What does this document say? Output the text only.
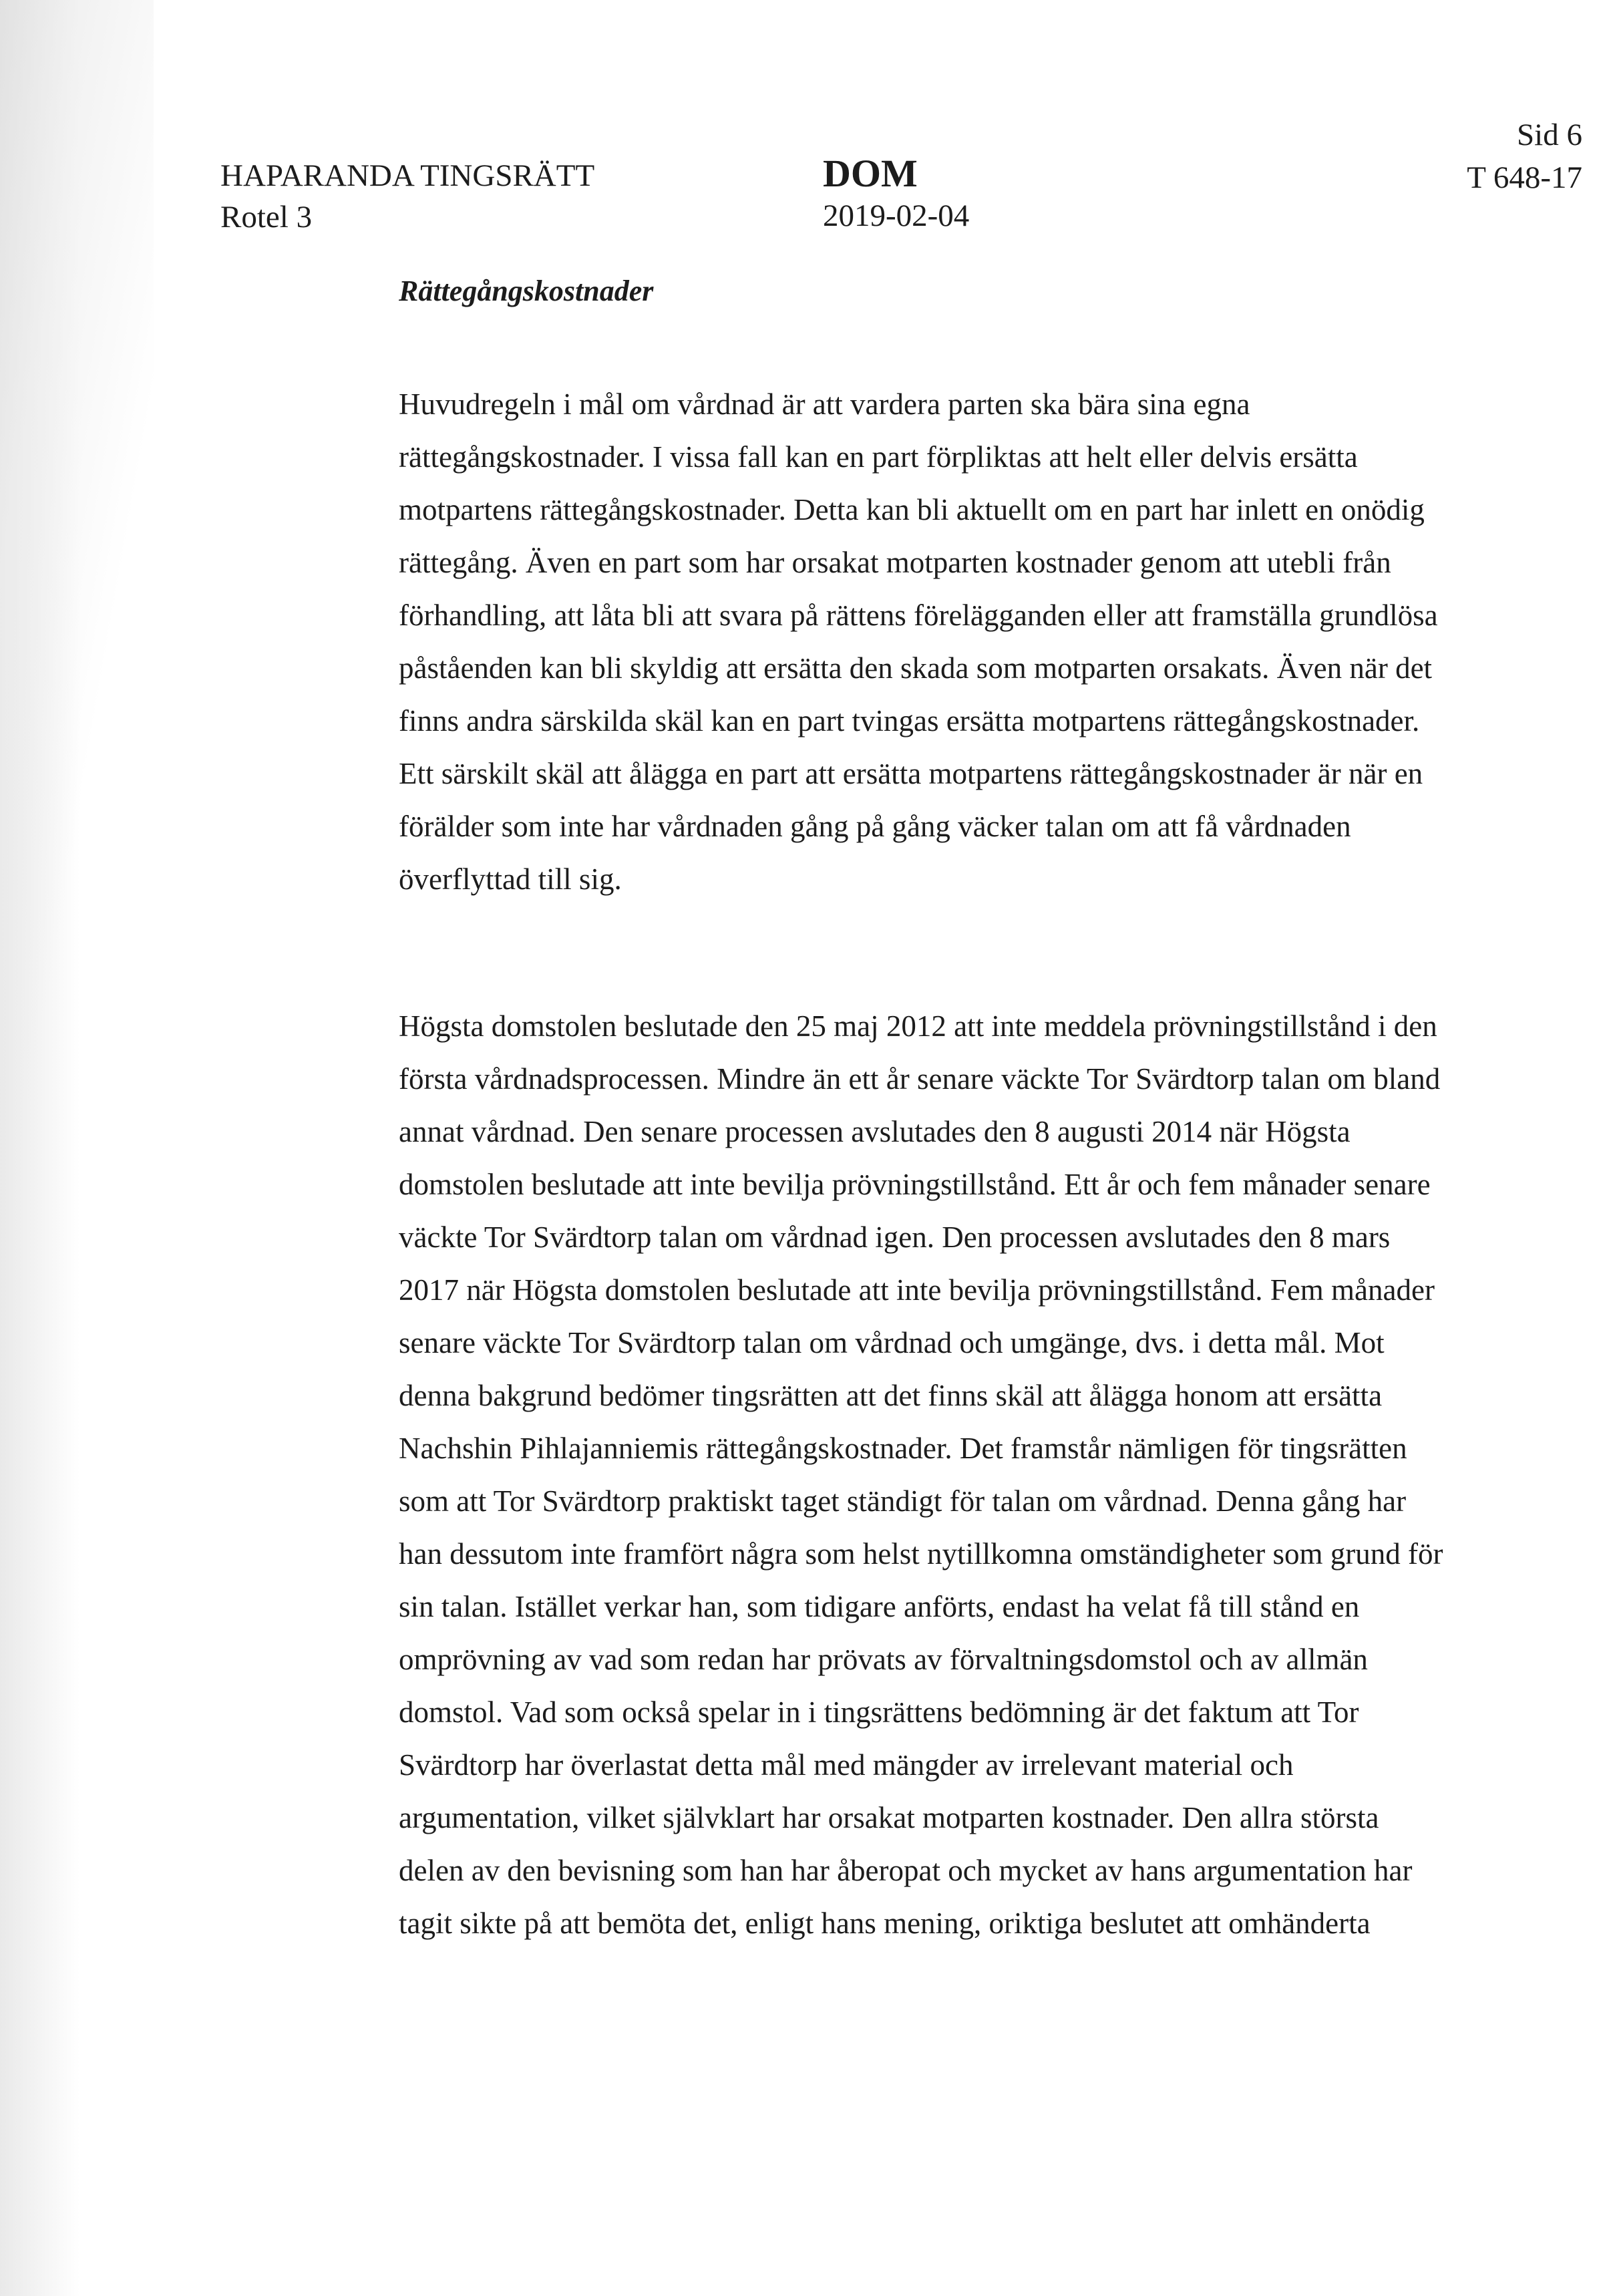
HAPARANDA TINGSRÄTT
Rotel 3
DOM
2019-02-04
Sid 6
T 648-17
Rättegångskostnader
Huvudregeln i mål om vårdnad är att vardera parten ska bära sina egna
rättegångskostnader. I vissa fall kan en part förpliktas att helt eller delvis ersätta
motpartens rättegångskostnader. Detta kan bli aktuellt om en part har inlett en onödig
rättegång. Även en part som har orsakat motparten kostnader genom att utebli från
förhandling, att låta bli att svara på rättens förelägganden eller att framställa grundlösa
påståenden kan bli skyldig att ersätta den skada som motparten orsakats. Även när det
finns andra särskilda skäl kan en part tvingas ersätta motpartens rättegångskostnader.
Ett särskilt skäl att ålägga en part att ersätta motpartens rättegångskostnader är när en
förälder som inte har vårdnaden gång på gång väcker talan om att få vårdnaden
överflyttad till sig.
Högsta domstolen beslutade den 25 maj 2012 att inte meddela prövningstillstånd i den
första vårdnadsprocessen. Mindre än ett år senare väckte Tor Svärdtorp talan om bland
annat vårdnad. Den senare processen avslutades den 8 augusti 2014 när Högsta
domstolen beslutade att inte bevilja prövningstillstånd. Ett år och fem månader senare
väckte Tor Svärdtorp talan om vårdnad igen. Den processen avslutades den 8 mars
2017 när Högsta domstolen beslutade att inte bevilja prövningstillstånd. Fem månader
senare väckte Tor Svärdtorp talan om vårdnad och umgänge, dvs. i detta mål. Mot
denna bakgrund bedömer tingsrätten att det finns skäl att ålägga honom att ersätta
Nachshin Pihlajanniemis rättegångskostnader. Det framstår nämligen för tingsrätten
som att Tor Svärdtorp praktiskt taget ständigt för talan om vårdnad. Denna gång har
han dessutom inte framfört några som helst nytillkomna omständigheter som grund för
sin talan. Istället verkar han, som tidigare anförts, endast ha velat få till stånd en
omprövning av vad som redan har prövats av förvaltningsdomstol och av allmän
domstol. Vad som också spelar in i tingsrättens bedömning är det faktum att Tor
Svärdtorp har överlastat detta mål med mängder av irrelevant material och
argumentation, vilket självklart har orsakat motparten kostnader. Den allra största
delen av den bevisning som han har åberopat och mycket av hans argumentation har
tagit sikte på att bemöta det, enligt hans mening, oriktiga beslutet att omhänderta
